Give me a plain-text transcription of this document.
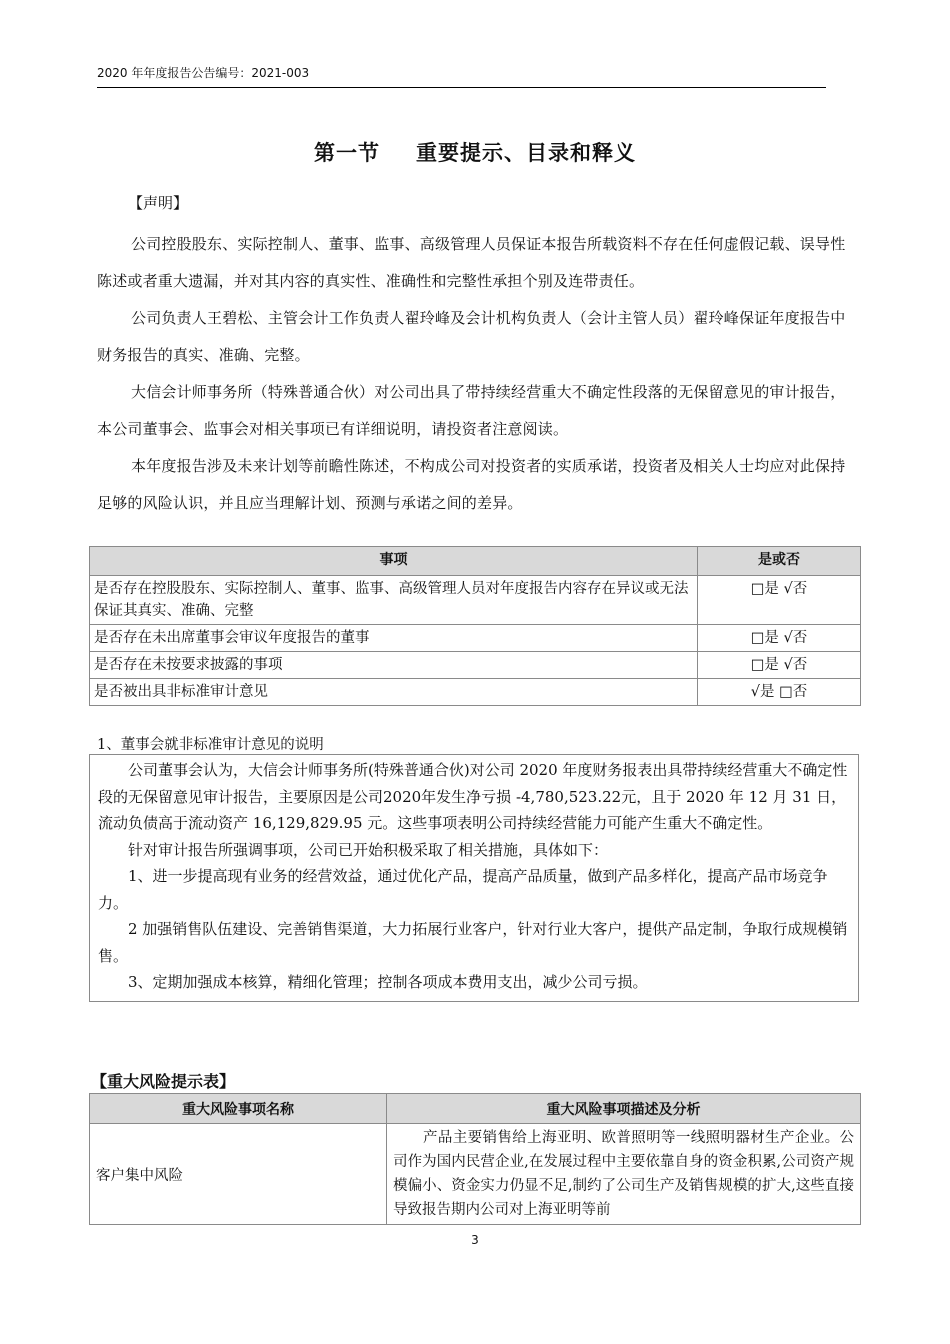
2020 年年度报告公告编号：2021-003
第一节 重要提示、目录和释义
【声明】
公司控股股东、实际控制人、董事、监事、高级管理人员保证本报告所载资料不存在任何虚假记载、误导性陈述或者重大遗漏，并对其内容的真实性、准确性和完整性承担个别及连带责任。
公司负责人王碧松、主管会计工作负责人翟玲峰及会计机构负责人（会计主管人员）翟玲峰保证年度报告中财务报告的真实、准确、完整。
大信会计师事务所（特殊普通合伙）对公司出具了带持续经营重大不确定性段落的无保留意见的审计报告，本公司董事会、监事会对相关事项已有详细说明，请投资者注意阅读。
本年度报告涉及未来计划等前瞻性陈述，不构成公司对投资者的实质承诺，投资者及相关人士均应对此保持足够的风险认识，并且应当理解计划、预测与承诺之间的差异。
事项	是或否
是否存在控股股东、实际控制人、董事、监事、高级管理人员对年度报告内容存在异议或无法保证其真实、准确、完整	□是 √否
是否存在未出席董事会审议年度报告的董事	□是 √否
是否存在未按要求披露的事项	□是 √否
是否被出具非标准审计意见	√是 □否
1、董事会就非标准审计意见的说明

公司董事会认为，大信会计师事务所(特殊普通合伙)对公司 2020 年度财务报表出具带持续经营重大不确定性段的无保留意见审计报告，主要原因是公司2020年发生净亏损 -4,780,523.22元，且于 2020 年 12 月 31 日，流动负债高于流动资产 16,129,829.95 元。这些事项表明公司持续经营能力可能产生重大不确定性。

针对审计报告所强调事项，公司已开始积极采取了相关措施，具体如下：

1、进一步提高现有业务的经营效益，通过优化产品，提高产品质量，做到产品多样化，提高产品市场竞争力。

2 加强销售队伍建设、完善销售渠道，大力拓展行业客户，针对行业大客户，提供产品定制，争取行成规模销售。

3、定期加强成本核算，精细化管理；控制各项成本费用支出，减少公司亏损。

【重大风险提示表】
重大风险事项名称	重大风险事项描述及分析
客户集中风险	产品主要销售给上海亚明、欧普照明等一线照明器材生产企业。公司作为国内民营企业,在发展过程中主要依靠自身的资金积累,公司资产规模偏小、资金实力仍显不足,制约了公司生产及销售规模的扩大,这些直接导致报告期内公司对上海亚明等前
3
